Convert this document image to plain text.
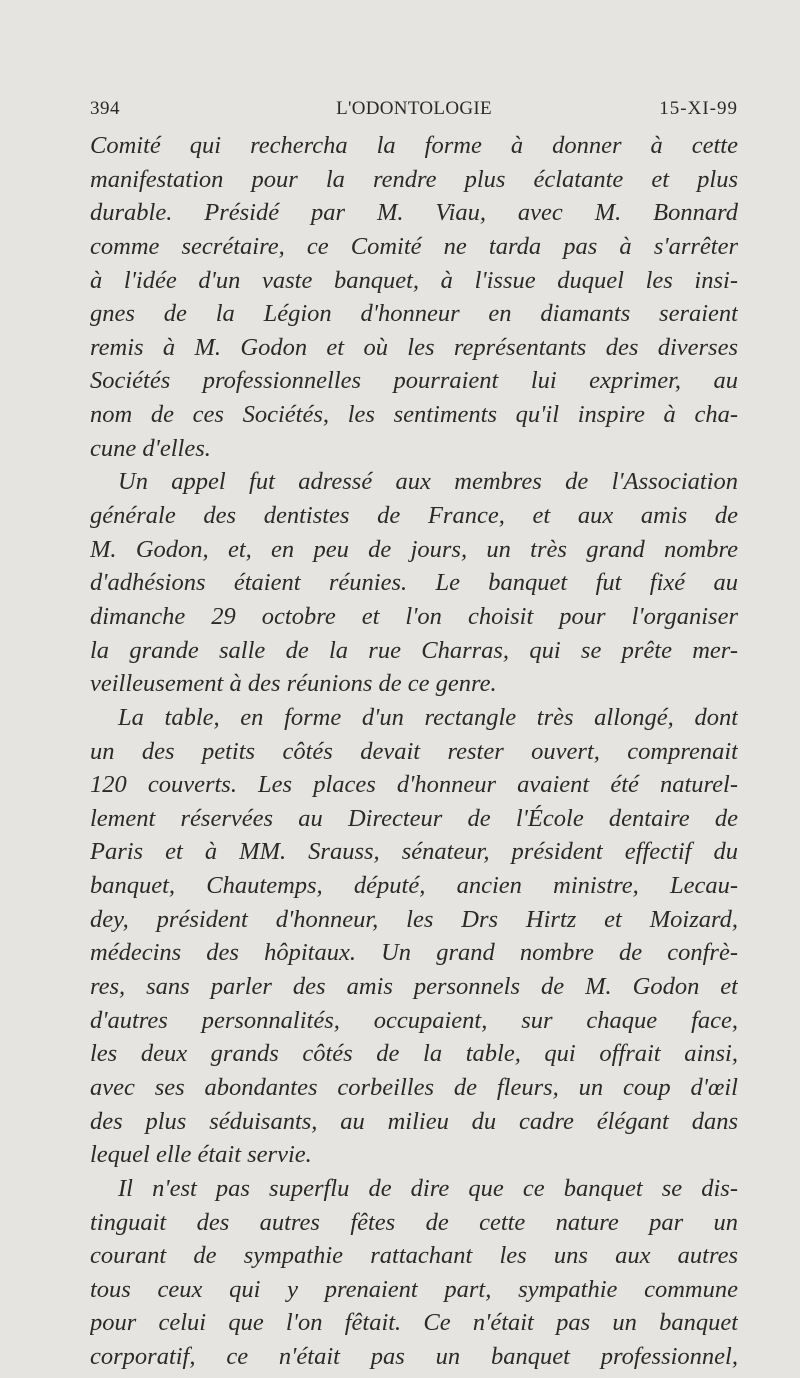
394	L'ODONTOLOGIE	15-XI-99
Comité qui rechercha la forme à donner à cette
manifestation pour la rendre plus éclatante et plus
durable. Présidé par M. Viau, avec M. Bonnard
comme secrétaire, ce Comité ne tarda pas à s'arrêter
à l'idée d'un vaste banquet, à l'issue duquel les insi-
gnes de la Légion d'honneur en diamants seraient
remis à M. Godon et où les représentants des diverses
Sociétés professionnelles pourraient lui exprimer, au
nom de ces Sociétés, les sentiments qu'il inspire à cha-
cune d'elles.
Un appel fut adressé aux membres de l'Association
générale des dentistes de France, et aux amis de
M. Godon, et, en peu de jours, un très grand nombre
d'adhésions étaient réunies. Le banquet fut fixé au
dimanche 29 octobre et l'on choisit pour l'organiser
la grande salle de la rue Charras, qui se prête mer-
veilleusement à des réunions de ce genre.
La table, en forme d'un rectangle très allongé, dont
un des petits côtés devait rester ouvert, comprenait
120 couverts. Les places d'honneur avaient été naturel-
lement réservées au Directeur de l'École dentaire de
Paris et à MM. Srauss, sénateur, président effectif du
banquet, Chautemps, député, ancien ministre, Lecau-
dey, président d'honneur, les Drs Hirtz et Moizard,
médecins des hôpitaux. Un grand nombre de confrè-
res, sans parler des amis personnels de M. Godon et
d'autres personnalités, occupaient, sur chaque face,
les deux grands côtés de la table, qui offrait ainsi,
avec ses abondantes corbeilles de fleurs, un coup d'œil
des plus séduisants, au milieu du cadre élégant dans
lequel elle était servie.
Il n'est pas superflu de dire que ce banquet se dis-
tinguait des autres fêtes de cette nature par un
courant de sympathie rattachant les uns aux autres
tous ceux qui y prenaient part, sympathie commune
pour celui que l'on fêtait. Ce n'était pas un banquet
corporatif, ce n'était pas un banquet professionnel,
